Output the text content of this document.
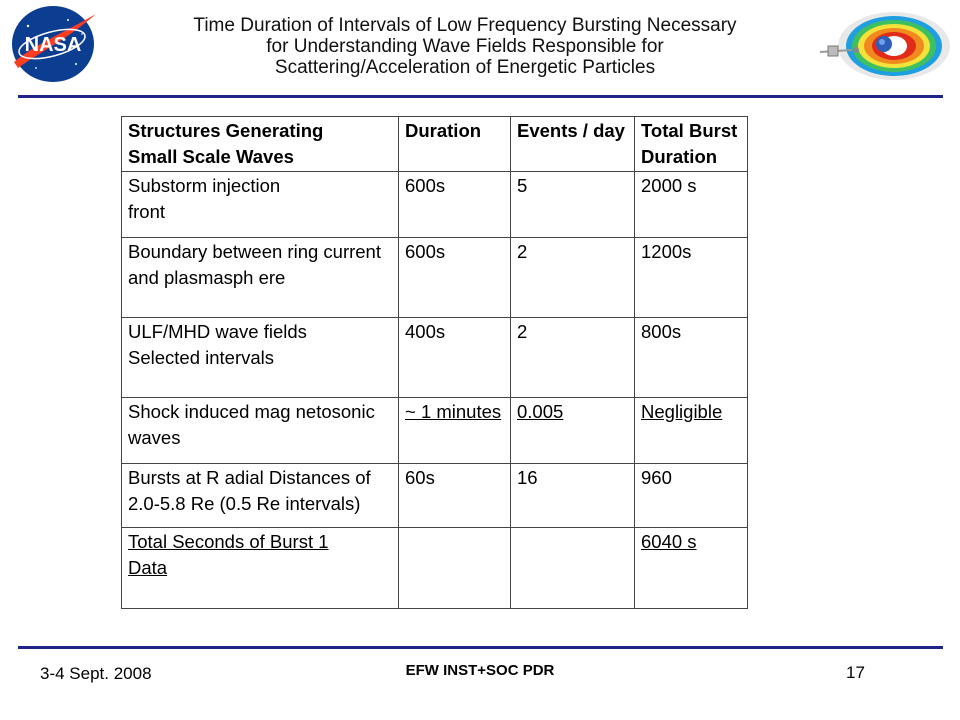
NASA
Time Duration of Intervals of Low Frequency Bursting Necessary
for Understanding Wave Fields Responsible for
Scattering/Acceleration of Energetic Particles
Structures Generating
Small Scale Waves	Duration	Events / day	Total Burst
Duration
Substorm injection
front	600s	5	2000 s
Boundary between ring current
and plasmasph ere	600s	2	1200s
ULF/MHD wave fields
Selected intervals	400s	2	800s
Shock induced mag netosonic
waves	~ 1 minutes	0.005	Negligible
Bursts at R adial Distances of
2.0-5.8 Re (0.5 Re intervals)	60s	16	960
Total Seconds of Burst 1
Data			6040 s
3-4 Sept. 2008	EFW INST+SOC PDR	17
